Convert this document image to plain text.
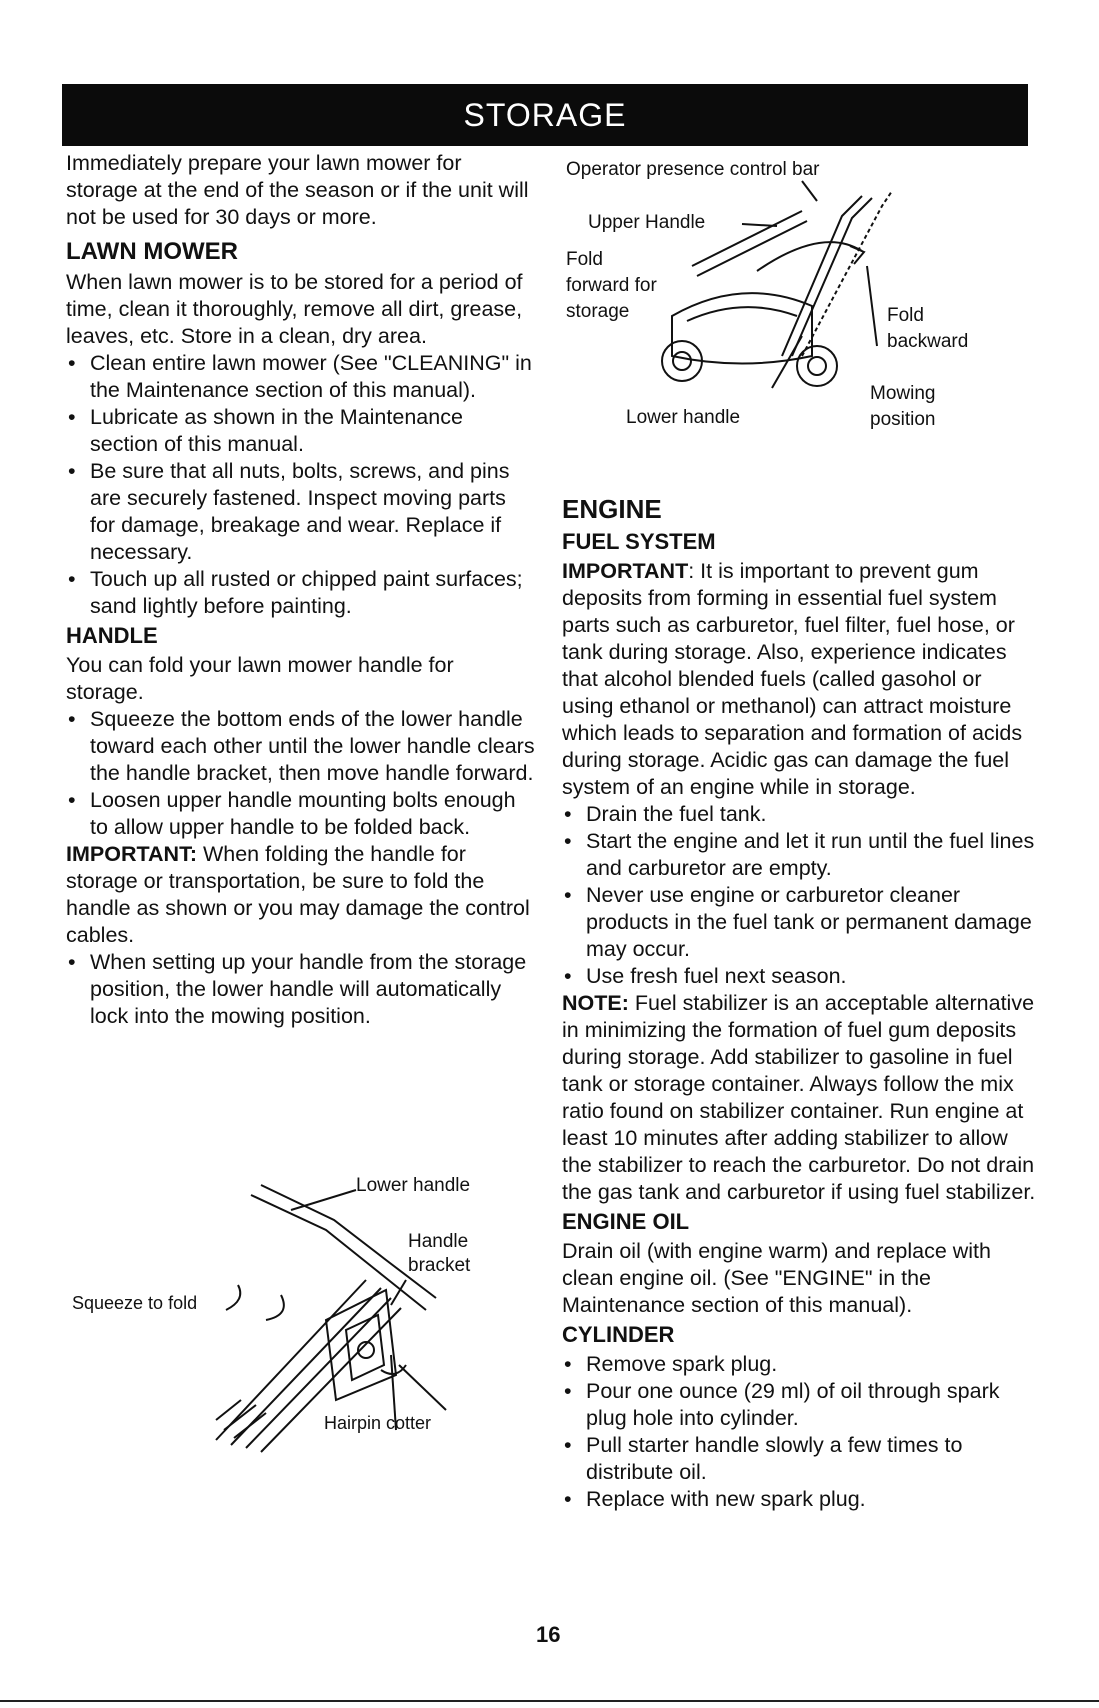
STORAGE

Immediately prepare your lawn mower for storage at the end of the season or if the unit will not be used for 30 days or more.

LAWN MOWER

When lawn mower is to be stored for a period of time, clean it thoroughly, remove all dirt, grease, leaves, etc. Store in a clean, dry area.

• Clean entire lawn mower (See "CLEANING" in the Maintenance section of this manual).
• Lubricate as shown in the Maintenance section of this manual.
• Be sure that all nuts, bolts, screws, and pins are securely fastened. Inspect moving parts for damage, breakage and wear. Replace if necessary.
• Touch up all rusted or chipped paint surfaces; sand lightly before painting.
HANDLE

You can fold your lawn mower handle for storage.

• Squeeze the bottom ends of the lower handle toward each other until the lower handle clears the handle bracket, then move handle forward.
• Loosen upper handle mounting bolts enough to allow upper handle to be folded back.

IMPORTANT: When folding the handle for storage or transportation, be sure to fold the handle as shown or you may damage the control cables.

• When setting up your handle from the storage position, the lower handle will automatically lock into the mowing position.
Lower handle
Handle
bracket
Squeeze to fold
Hairpin cotter
Operator presence control bar
Upper Handle
Fold
forward for
storage	Fold
backward
Lower handle
Mowing
position
ENGINE
FUEL SYSTEM

IMPORTANT: It is important to prevent gum deposits from forming in essential fuel system parts such as carburetor, fuel filter, fuel hose, or tank during storage. Also, experience indicates that alcohol blended fuels (called gasohol or using ethanol or methanol) can attract moisture which leads to separation and formation of acids during storage. Acidic gas can damage the fuel system of an engine while in storage.

• Drain the fuel tank.
• Start the engine and let it run until the fuel lines and carburetor are empty.
• Never use engine or carburetor cleaner products in the fuel tank or permanent damage may occur.
• Use fresh fuel next season.

NOTE: Fuel stabilizer is an acceptable alternative in minimizing the formation of fuel gum deposits during storage. Add stabilizer to gasoline in fuel tank or storage container. Always follow the mix ratio found on stabilizer container. Run engine at least 10 minutes after adding stabilizer to allow the stabilizer to reach the carburetor. Do not drain the gas tank and carburetor if using fuel stabilizer.

ENGINE OIL

Drain oil (with engine warm) and replace with clean engine oil. (See "ENGINE" in the Maintenance section of this manual).

CYLINDER
• Remove spark plug.
• Pour one ounce (29 ml) of oil through spark plug hole into cylinder.
• Pull starter handle slowly a few times to distribute oil.
• Replace with new spark plug.
16
